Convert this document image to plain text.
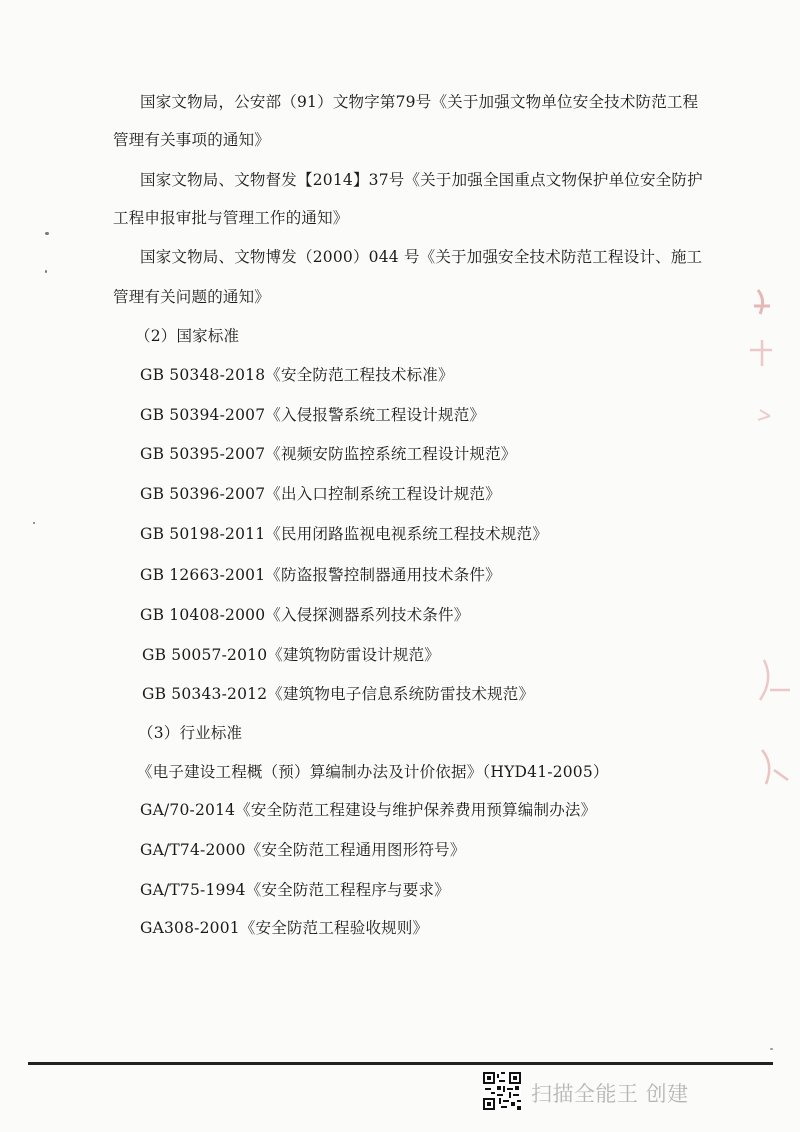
国家文物局，公安部（91）文物字第79号《关于加强文物单位安全技术防范工程
管理有关事项的通知》
国家文物局、文物督发【2014】37号《关于加强全国重点文物保护单位安全防护
工程申报审批与管理工作的通知》
国家文物局、文物博发（2000）044 号《关于加强安全技术防范工程设计、施工
管理有关问题的通知》
（2）国家标准
GB 50348-2018《安全防范工程技术标准》
GB 50394-2007《入侵报警系统工程设计规范》
GB 50395-2007《视频安防监控系统工程设计规范》
GB 50396-2007《出入口控制系统工程设计规范》
GB 50198-2011《民用闭路监视电视系统工程技术规范》
GB 12663-2001《防盗报警控制器通用技术条件》
GB 10408-2000《入侵探测器系列技术条件》
GB 50057-2010《建筑物防雷设计规范》
GB 50343-2012《建筑物电子信息系统防雷技术规范》
（3）行业标准
《电子建设工程概（预）算编制办法及计价依据》（HYD41-2005）
GA/70-2014《安全防范工程建设与维护保养费用预算编制办法》
GA/T74-2000《安全防范工程通用图形符号》
GA/T75-1994《安全防范工程程序与要求》
GA308-2001《安全防范工程验收规则》
扫描全能王 创建
